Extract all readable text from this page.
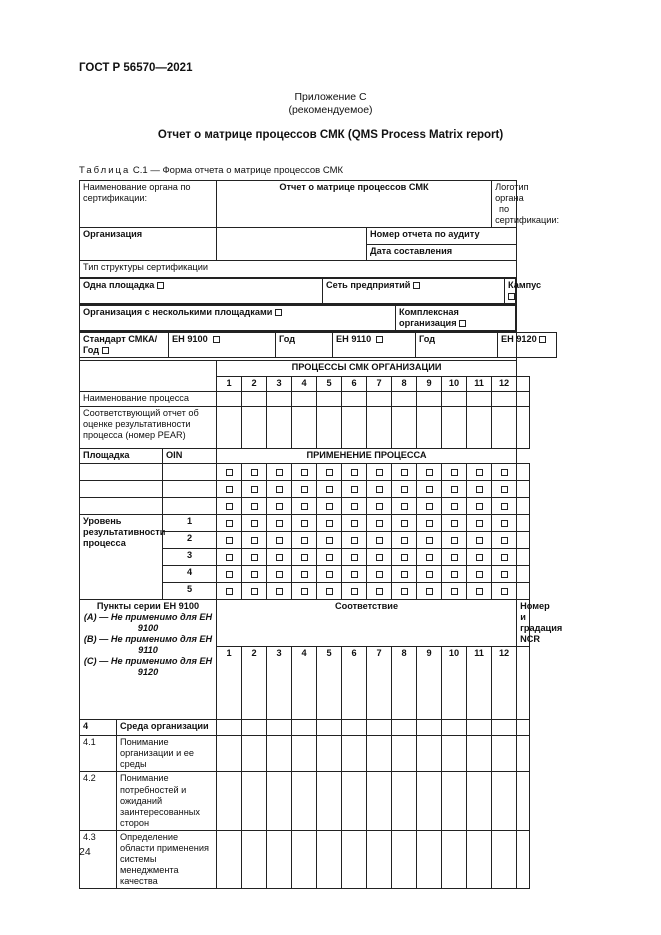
ГОСТ Р 56570—2021
Приложение С
(рекомендуемое)
Отчет о матрице процессов СМК (QMS Process Matrix report)
Таблица С.1 — Форма отчета о матрице процессов СМК
Наименование органа по сертификации:	Отчет о матрице процессов СМК	Логотип органа по сертификации:
Организация		Номер отчета по аудиту
Дата составления
Тип структуры сертификации

Одна площадка	Сеть предприятий	Кампус

Организация с несколькими площадками	Комплексная организация

Стандарт СМКА/ Год	ЕН 9100	Год	ЕН 9110	Год	ЕН 9120	

	ПРОЦЕССЫ СМК ОРГАНИЗАЦИИ
1	2	3	4	5	6	7	8	9	10	11	12	
Наименование процесса													
Соответствующий отчет об оценке результативности процесса (номер PEAR)													
Площадка	OIN	ПРИМЕНЕНИЕ ПРОЦЕССА

Уровень результативности процесса	1													
2													
3													
4													
5													

Пункты серии ЕН 9100
(A) — Не применимо для ЕН 9100
(B) — Не применимо для ЕН 9110
(C) — Не применимо для ЕН 9120
	Соответствие	Номер и градация NCR
1	2	3	4	5	6	7	8	9	10	11	12	
4	Среда организации													
4.1	Понимание организации и ее среды													
4.2	Понимание потребностей и ожиданий заинтересованных сторон													
4.3	Определение области применения системы менеджмента качества													
24
